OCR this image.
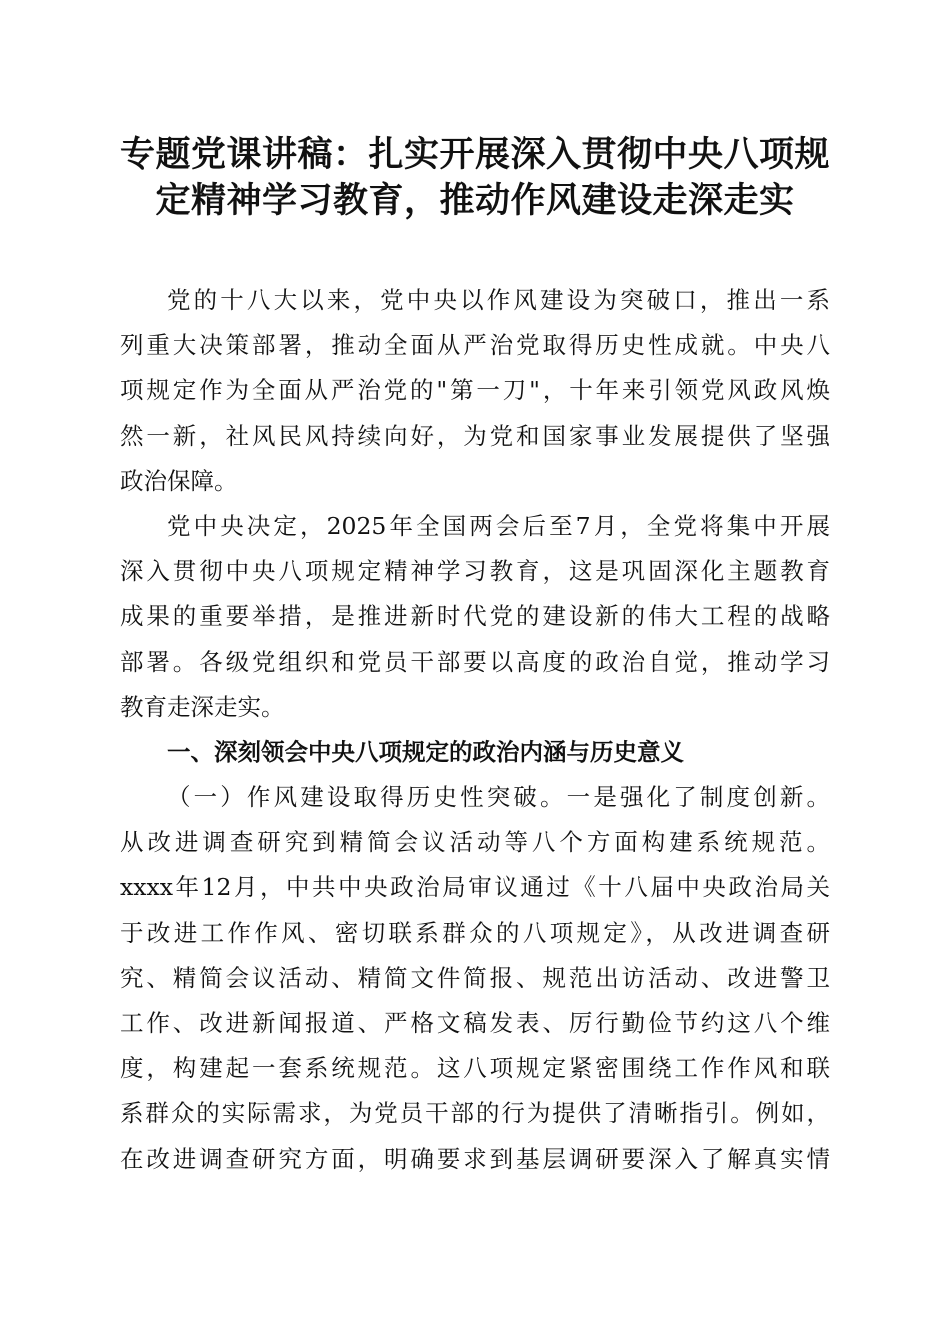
专题党课讲稿：扎实开展深入贯彻中央八项规
定精神学习教育，推动作风建设走深走实
党的十八大以来，党中央以作风建设为突破口，推出一系
列重大决策部署，推动全面从严治党取得历史性成就。中央八
项规定作为全面从严治党的"第一刀"，十年来引领党风政风焕
然一新，社风民风持续向好，为党和国家事业发展提供了坚强
政治保障。
党中央决定，2025年全国两会后至7月，全党将集中开展
深入贯彻中央八项规定精神学习教育，这是巩固深化主题教育
成果的重要举措，是推进新时代党的建设新的伟大工程的战略
部署。各级党组织和党员干部要以高度的政治自觉，推动学习
教育走深走实。
一、深刻领会中央八项规定的政治内涵与历史意义
（一）作风建设取得历史性突破。一是强化了制度创新。
从改进调查研究到精简会议活动等八个方面构建系统规范。
xxxx年12月，中共中央政治局审议通过《十八届中央政治局关
于改进工作作风、密切联系群众的八项规定》，从改进调查研
究、精简会议活动、精简文件简报、规范出访活动、改进警卫
工作、改进新闻报道、严格文稿发表、厉行勤俭节约这八个维
度，构建起一套系统规范。这八项规定紧密围绕工作作风和联
系群众的实际需求，为党员干部的行为提供了清晰指引。例如，
在改进调查研究方面，明确要求到基层调研要深入了解真实情
